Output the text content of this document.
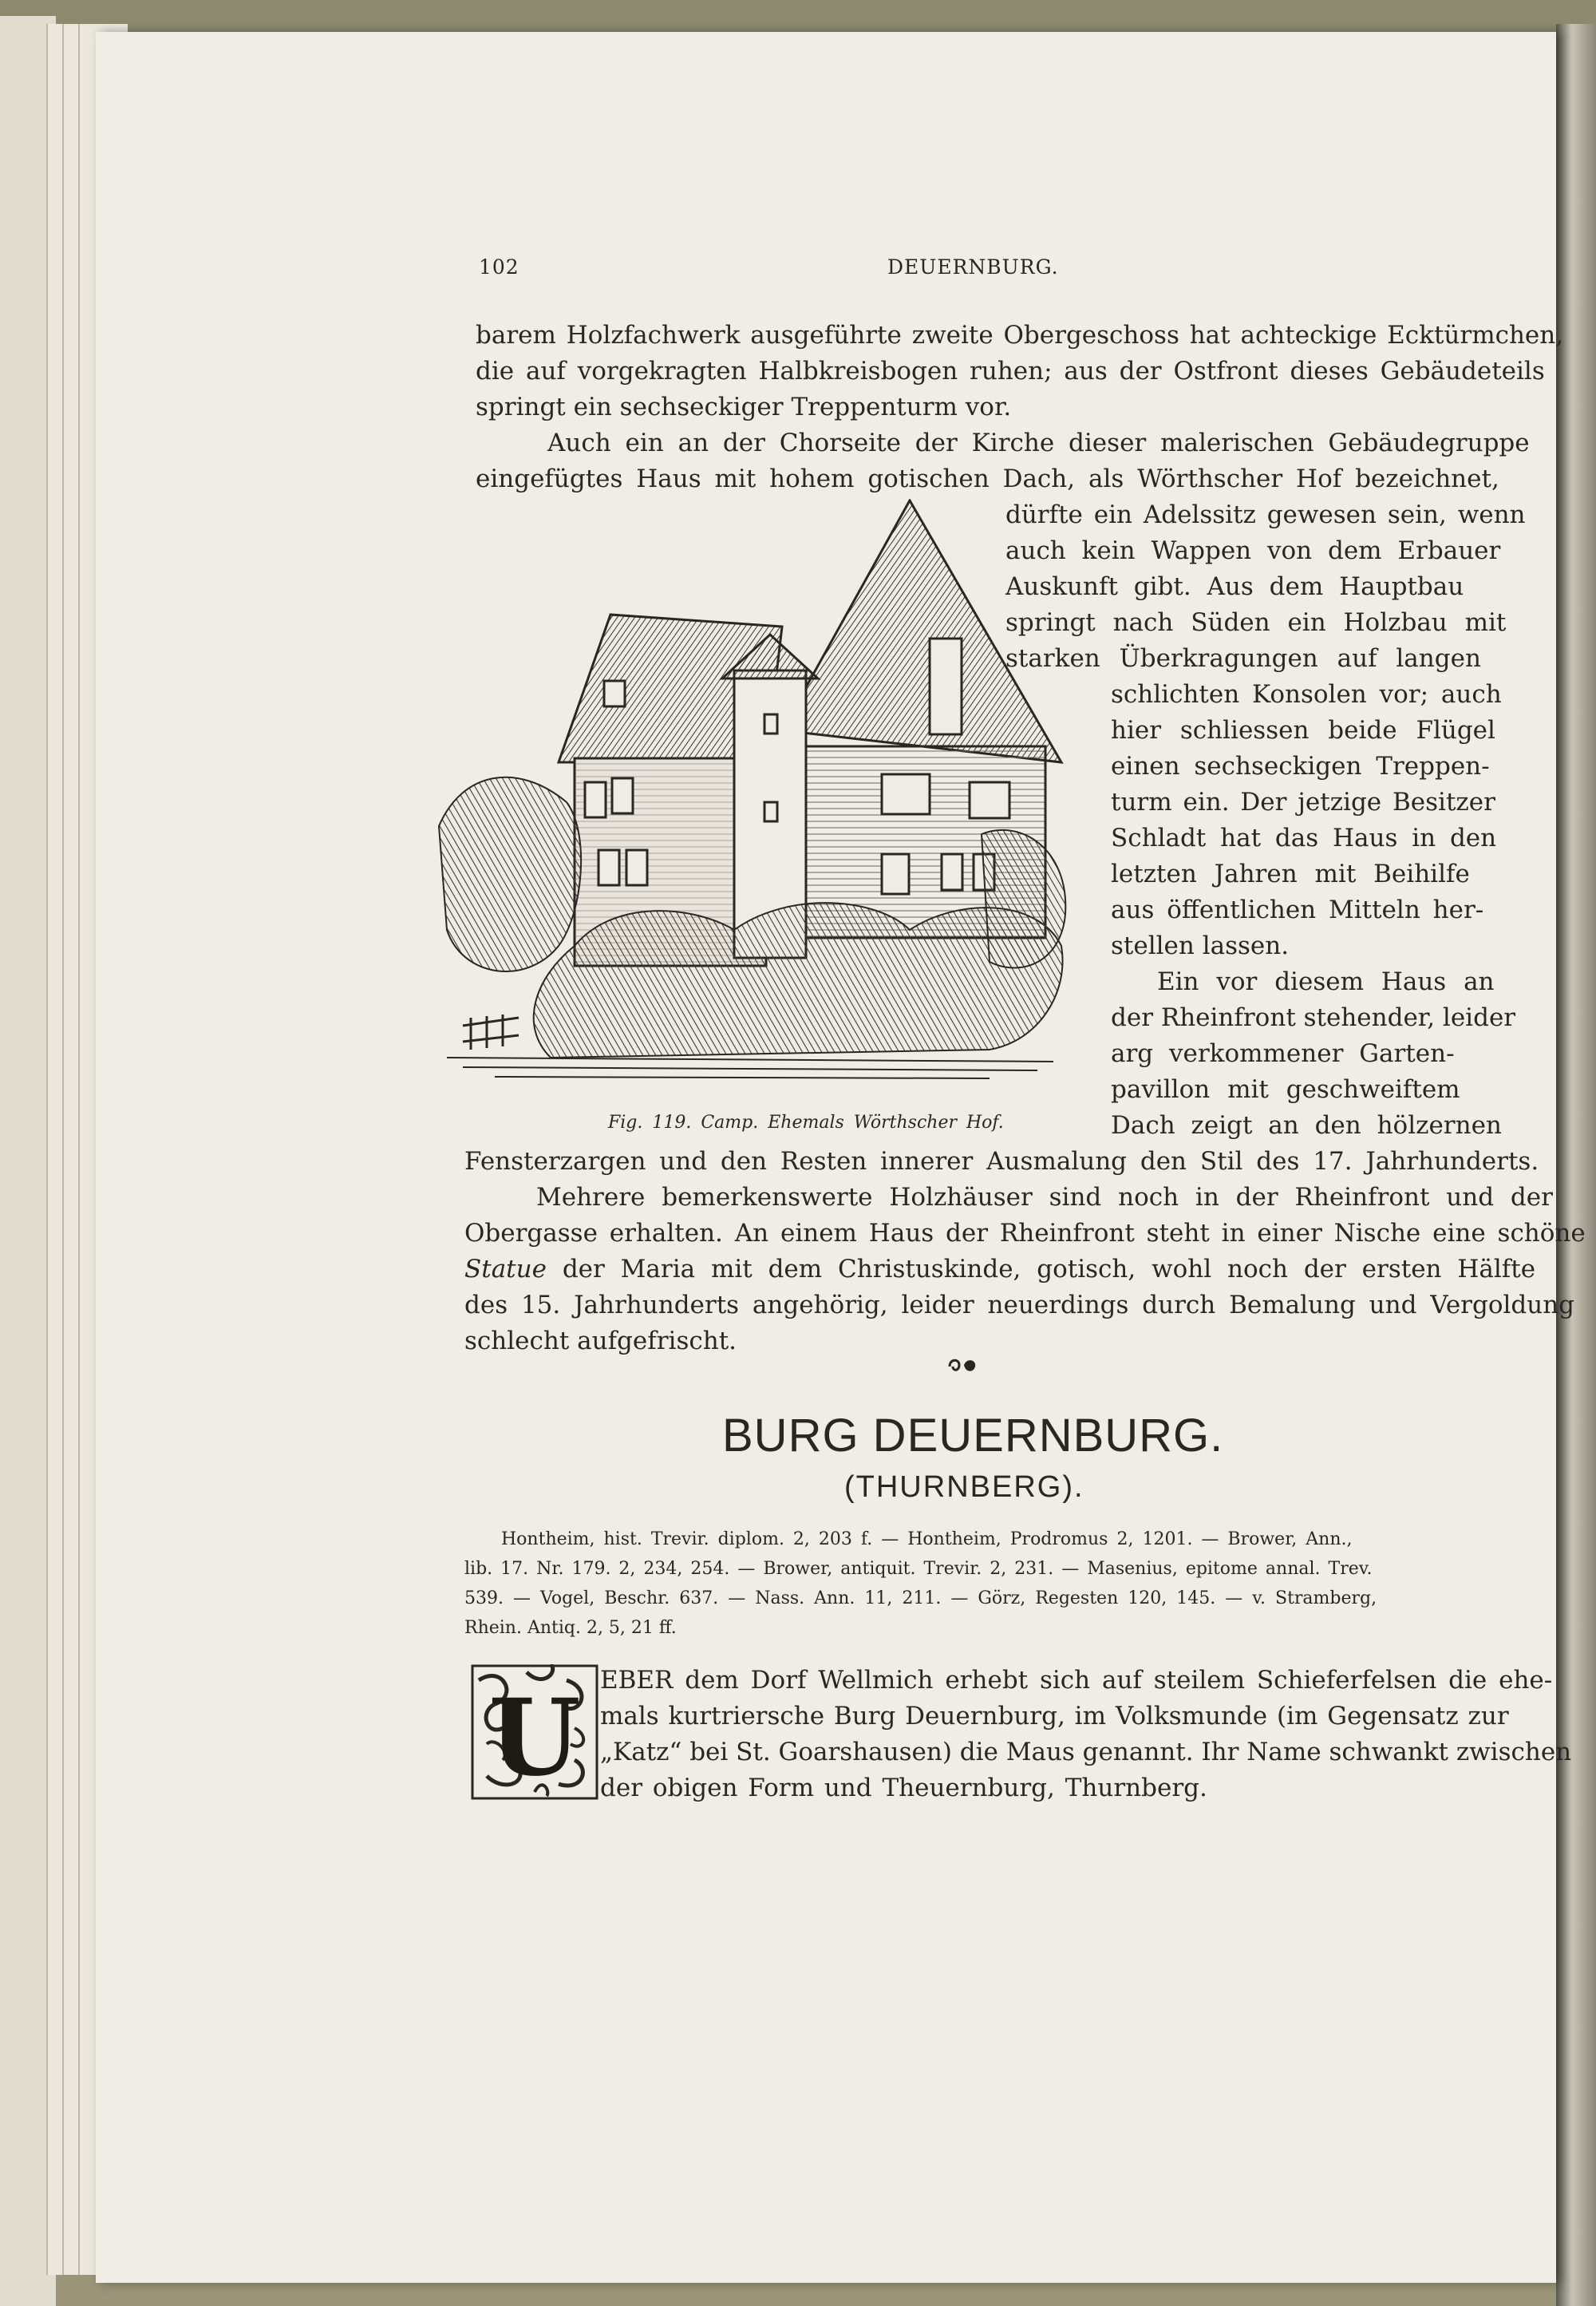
102	DEUERNBURG.
barem Holzfachwerk ausgeführte zweite Obergeschoss hat achteckige Ecktürmchen,
die auf vorgekragten Halbkreisbogen ruhen; aus der Ostfront dieses Gebäudeteils
springt ein sechseckiger Treppenturm vor.
Auch ein an der Chorseite der Kirche dieser malerischen Gebäudegruppe
eingefügtes Haus mit hohem gotischen Dach, als Wörthscher Hof bezeichnet,
dürfte ein Adelssitz gewesen sein, wenn
auch kein Wappen von dem Erbauer
Auskunft gibt. Aus dem Hauptbau
springt nach Süden ein Holzbau mit
starken Überkragungen auf langen
schlichten Konsolen vor; auch
hier schliessen beide Flügel
einen sechseckigen Treppen-
turm ein. Der jetzige Besitzer
Schladt hat das Haus in den
letzten Jahren mit Beihilfe
aus öffentlichen Mitteln her-
stellen lassen.
Ein vor diesem Haus an
der Rheinfront stehender, leider
arg verkommener Garten-
pavillon mit geschweiftem
Dach zeigt an den hölzernen
Fig. 119. Camp. Ehemals Wörthscher Hof.
Fensterzargen und den Resten innerer Ausmalung den Stil des 17. Jahrhunderts.
Mehrere bemerkenswerte Holzhäuser sind noch in der Rheinfront und der
Obergasse erhalten. An einem Haus der Rheinfront steht in einer Nische eine schöne
Statue der Maria mit dem Christuskinde, gotisch, wohl noch der ersten Hälfte
des 15. Jahrhunderts angehörig, leider neuerdings durch Bemalung und Vergoldung
schlecht aufgefrischt.
BURG DEUERNBURG.
(THURNBERG).
Hontheim, hist. Trevir. diplom. 2, 203 f. — Hontheim, Prodromus 2, 1201. — Brower, Ann.,
lib. 17. Nr. 179. 2, 234, 254. — Brower, antiquit. Trevir. 2, 231. — Masenius, epitome annal. Trev.
539. — Vogel, Beschr. 637. — Nass. Ann. 11, 211. — Görz, Regesten 120, 145. — v. Stramberg,
Rhein. Antiq. 2, 5, 21 ff.
U EBER dem Dorf Wellmich erhebt sich auf steilem Schieferfelsen die ehe-
mals kurtriersche Burg Deuernburg, im Volksmunde (im Gegensatz zur
„Katz“ bei St. Goarshausen) die Maus genannt. Ihr Name schwankt zwischen
der obigen Form und Theuernburg, Thurnberg.
